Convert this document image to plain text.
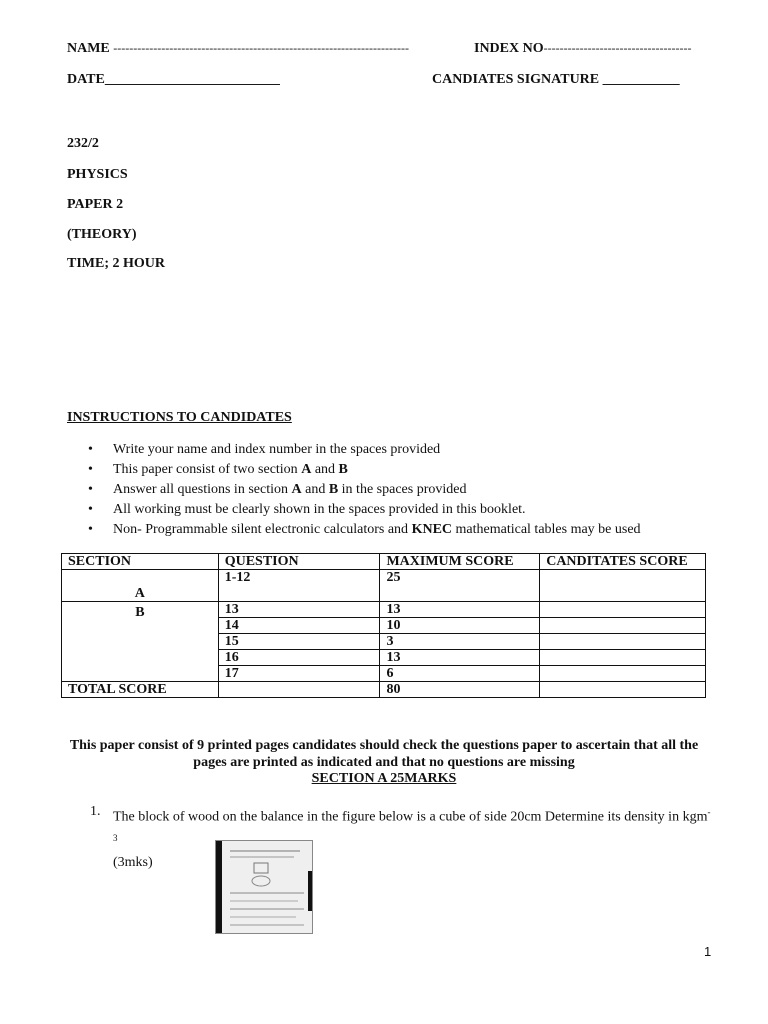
NAME --------------------------------------------------------------------------	INDEX NO-------------------------------------
DATE_________________________	CANDIATES SIGNATURE ___________
232/2
PHYSICS
PAPER 2
(THEORY)
TIME; 2 HOUR
INSTRUCTIONS TO CANDIDATES
• Write your name and index number in the spaces provided
• This paper consist of two section A and B
• Answer all questions in section A and B in the spaces provided
• All working must be clearly shown in the spaces provided in this booklet.
• Non- Programmable silent electronic calculators and KNEC mathematical tables may be used
SECTION	QUESTION	MAXIMUM SCORE	CANDITATES SCORE
A	1-12	25	
B	13	13	
	14	10	
	15	3	
	16	13	
	17	6	
TOTAL SCORE		80	
This paper consist of 9 printed pages candidates should check the questions paper to ascertain that all the
pages are printed as indicated and that no questions are missing
SECTION A 25MARKS
1. The block of wood on the balance in the figure below is a cube of side 20cm Determine its density in kgm$^{-3}$
(3mks)
1
